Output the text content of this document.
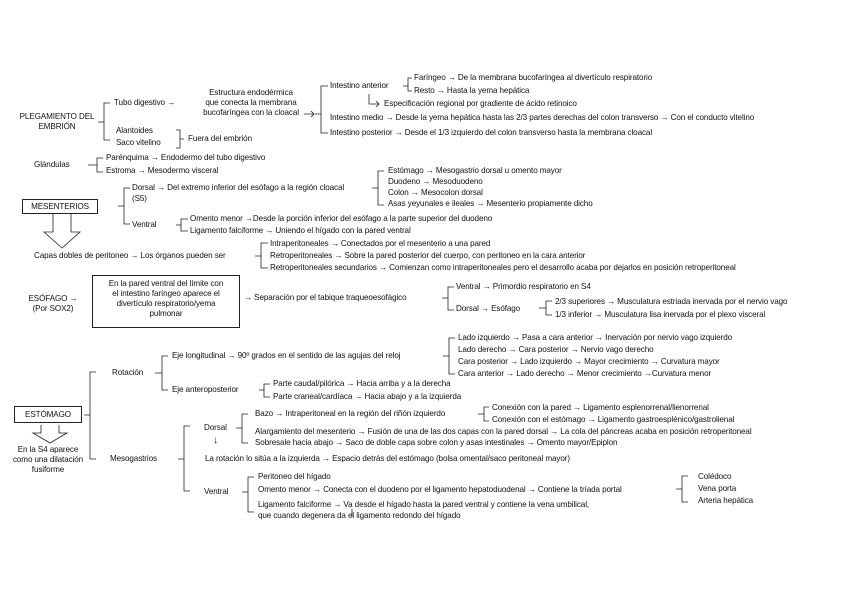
PLEGAMIENTO DEL
EMBRIÓN
Tubo digestivo →
Estructura endodérmica
que conecta la membrana
bucofaríngea con la cloacal
Alantoides
Saco vitelino	Fuera del embrión
Intestino anterior
Faríngeo → De la membrana bucofaríngea al divertículo respiratorio
Resto → Hasta la yema hepática
Especificación regional por gradiente de ácido retinoico
Intestino medio → Desde la yema hepática hasta las 2/3 partes derechas del colon transverso → Con el conducto vitelino
Intestino posterior → Desde el 1/3 izquierdo del colon transverso hasta la membrana cloacal
Glándulas
Parénquima → Endodermo del tubo digestivo
Estroma → Mesodermo visceral
MESENTERIOS
Dorsal → Del extremo inferior del esófago a la región cloacal
(S5)
Estómago → Mesogastrio dorsal u omento mayor
Duodeno → Mesoduodeno
Colon → Mesocolon dorsal
Asas yeyunales e ileales → Mesenterio propiamente dicho
Ventral
Omento menor →Desde la porción inferior del esófago a la parte superior del duodeno
Ligamento falciforme → Uniendo el hígado con la pared ventral
Capas dobles de peritoneo → Los órganos pueden ser
Intraperitoneales → Conectados por el mesenterio a una pared
Retroperitoneales → Sobre la pared posterior del cuerpo, con peritoneo en la cara anterior
Retroperitoneales secundarios → Comienzan como intraperitoneales pero el desarrollo acaba por dejarlos en posición retroperitoneal
ESÓFAGO →
(Por SOX2)
En la pared ventral del límite con
el intestino faríngeo aparece el
divertículo respiratorio/yema
pulmonar
→ Separación por el tabique traqueoesofágico
Ventral → Primordio respiratorio en S4
Dorsal → Esófago
2/3 superiores → Musculatura estriada inervada por el nervio vago
1/3 inferior → Musculatura lisa inervada por el plexo visceral
ESTÓMAGO
En la S4 aparece
como una dilatación
fusiforme
Rotación
Eje longitudinal → 90º grados en el sentido de las agujas del reloj
Lado izquierdo → Pasa a cara anterior → Inervación por nervio vago izquierdo
Lado derecho → Cara posterior → Nervio vago derecho
Cara posterior → Lado izquierdo → Mayor crecimiento → Curvatura mayor
Cara anterior → Lado derecho → Menor crecimiento →Curvatura menor
Eje anteroposterior
Parte caudal/pilórica → Hacia arriba y a la derecha
Parte craneal/cardíaca → Hacia abajo y a la izquierda
Mesogastrios
Dorsal
↓
Bazo → Intraperitoneal en la región del riñón izquierdo
Conexión con la pared → Ligamento esplenorrenal/lienorrenal
Conexión con el estómago → Ligamento gastroesplénico/gastrolienal
Alargamiento del mesenterio → Fusión de una de las dos capas con la pared dorsal → La cola del páncreas acaba en posición retroperitoneal
Sobresale hacia abajo → Saco de doble capa sobre colon y asas intestinales → Omento mayor/Epiplon
La rotación lo sitúa a la izquierda → Espacio detrás del estómago (bolsa omental/saco peritoneal mayor)
Ventral
Peritoneo del hígado
Omento menor → Conecta con el duodeno por el ligamento hepatoduodenal → Contiene la tríada portal
Colédoco
Vena porta
Arteria hepática
Ligamento falciforme → Va desde el hígado hasta la pared ventral y contiene la vena umbilical,
que cuando degenera da el ligamento redondo del hígado
